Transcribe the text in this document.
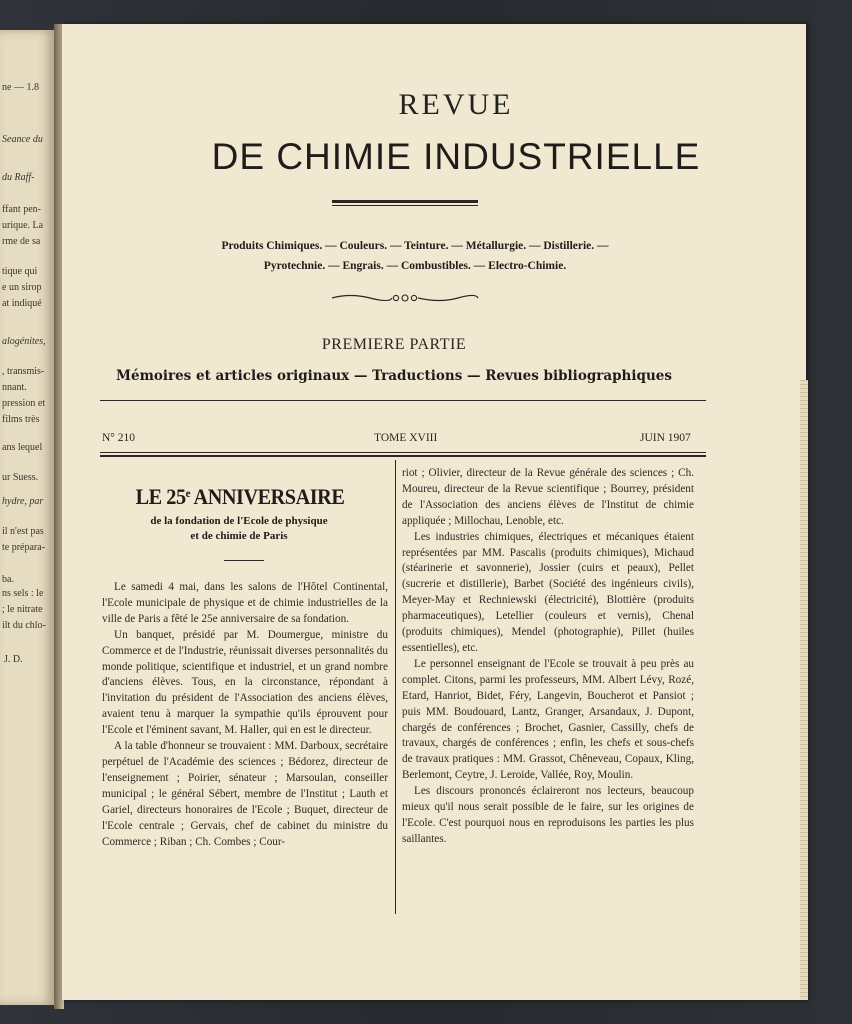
ne — 1.8
Seance du
du Raff-
ffant pen-
urique. La
rme de sa
tique qui
e un sirop
at indiqué
alogénites,
, transmis-
nnant.
pression et
films très
ans lequel
ur Suess.
hydre, par
il n'est pas
te prépara-
ba.
ns sels : le
; le nitrate
ilt du chlo-
J. D.
REVUE
DE CHIMIE INDUSTRIELLE
Produits Chimiques. — Couleurs. — Teinture. — Métallurgie. — Distillerie. —
Pyrotechnie. — Engrais. — Combustibles. — Electro-Chimie.
PREMIERE PARTIE
Mémoires et articles originaux — Traductions — Revues bibliographiques
N° 210	TOME XVIII	JUIN 1907
LE 25e ANNIVERSAIRE
de la fondation de l'Ecole de physique
et de chimie de Paris

Le samedi 4 mai, dans les salons de l'Hôtel Continental, l'Ecole municipale de physique et de chimie industrielles de la ville de Paris a fêté le 25e anniversaire de sa fondation.

Un banquet, présidé par M. Doumergue, ministre du Commerce et de l'Industrie, réunissait diverses personnalités du monde politique, scientifique et industriel, et un grand nombre d'anciens élèves. Tous, en la circonstance, répondant à l'invitation du président de l'Association des anciens élèves, avaient tenu à marquer la sympathie qu'ils éprouvent pour l'Ecole et l'éminent savant, M. Haller, qui en est le directeur.

A la table d'honneur se trouvaient : MM. Darboux, secrétaire perpétuel de l'Académie des sciences ; Bédorez, directeur de l'enseignement ; Poirier, sénateur ; Marsoulan, conseiller municipal ; le général Sébert, membre de l'Institut ; Lauth et Gariel, directeurs honoraires de l'Ecole ; Buquet, directeur de l'Ecole centrale ; Gervais, chef de cabinet du ministre du Commerce ; Riban ; Ch. Combes ; Cour-

riot ; Olivier, directeur de la Revue générale des sciences ; Ch. Moureu, directeur de la Revue scientifique ; Bourrey, président de l'Association des anciens élèves de l'Institut de chimie appliquée ; Millochau, Lenoble, etc.

Les industries chimiques, électriques et mécaniques étaient représentées par MM. Pascalis (produits chimiques), Michaud (stéarinerie et savonnerie), Jossier (cuirs et peaux), Pellet (sucrerie et distillerie), Barbet (Société des ingénieurs civils), Meyer-May et Rechniewski (électricité), Blottière (produits pharmaceutiques), Letellier (couleurs et vernis), Chenal (produits chimiques), Mendel (photographie), Pillet (huiles essentielles), etc.

Le personnel enseignant de l'Ecole se trouvait à peu près au complet. Citons, parmi les professeurs, MM. Albert Lévy, Rozé, Etard, Hanriot, Bidet, Féry, Langevin, Boucherot et Pansiot ; puis MM. Boudouard, Lantz, Granger, Arsandaux, J. Dupont, chargés de conférences ; Brochet, Gasnier, Cassilly, chefs de travaux, chargés de conférences ; enfin, les chefs et sous-chefs de travaux pratiques : MM. Grassot, Chêneveau, Copaux, Kling, Berlemont, Ceytre, J. Leroide, Vallée, Roy, Moulin.

Les discours prononcés éclaireront nos lecteurs, beaucoup mieux qu'il nous serait possible de le faire, sur les origines de l'Ecole. C'est pourquoi nous en reproduisons les parties les plus saillantes.
